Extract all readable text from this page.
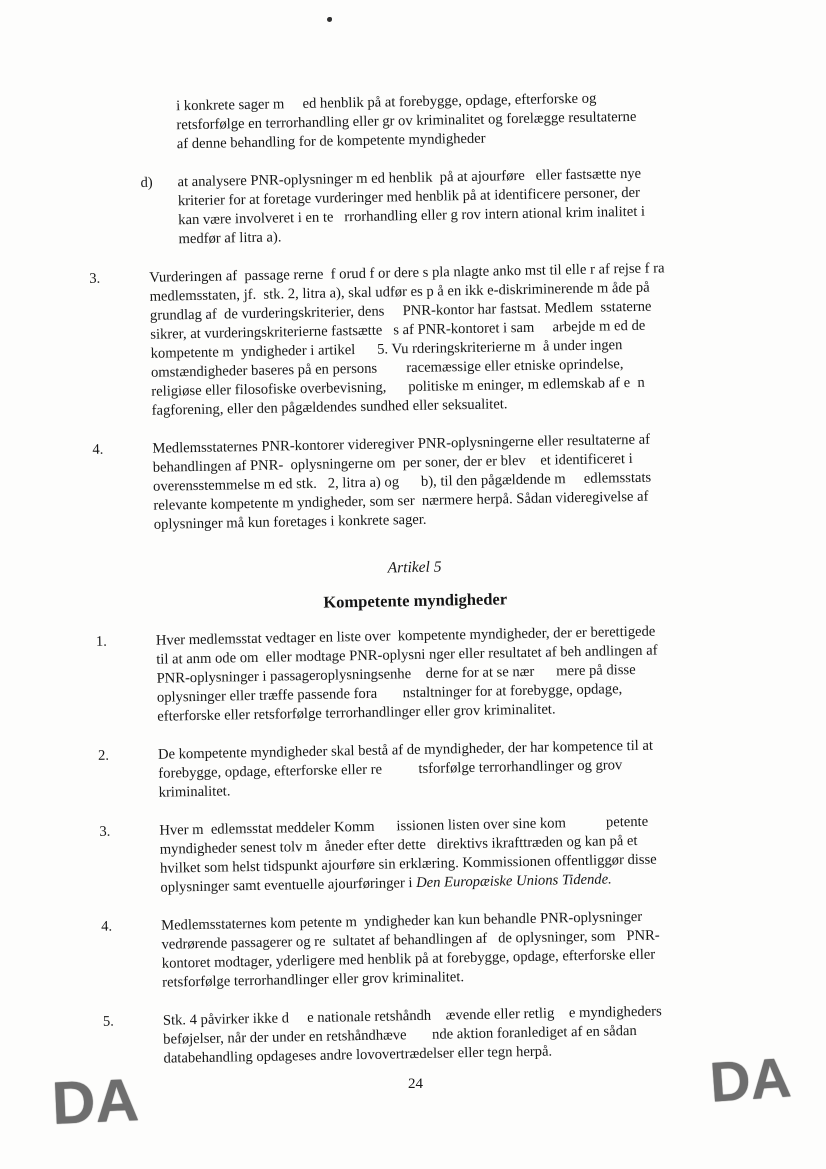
i konkrete sager m     ed henblik på at forebygge, opdage, efterforske og
retsforfølge en terrorhandling eller gr ov kriminalitet og forelægge resultaterne
af denne behandling for de kompetente myndigheder
d)	at analysere PNR-oplysninger m ed henblik  på at ajourføre   eller fastsætte nye
kriterier for at foretage vurderinger med henblik på at identificere personer, der
kan være involveret i en te   rrorhandling eller g rov intern ational krim inalitet i
medfør af litra a).
3.	Vurderingen af  passage rerne  f orud f or dere s pla nlagte anko mst til elle r af rejse f ra
medlemsstaten, jf.  stk. 2, litra a), skal udfør es p å en ikk e-diskriminerende m åde på
grundlag af  de vurderingskriterier, dens     PNR-kontor har fastsat. Medlem  sstaterne
sikrer, at vurderingskriterierne fastsætte   s af PNR-kontoret i sam     arbejde m ed de
kompetente m  yndigheder i artikel      5. Vu rderingskriterierne m  å under ingen
omstændigheder baseres på en persons        racemæssige eller etniske oprindelse,
religiøse eller filosofiske overbevisning,      politiske m eninger, m edlemskab af e  n
fagforening, eller den pågældendes sundhed eller seksualitet.
4.	Medlemsstaternes PNR-kontorer videregiver PNR-oplysningerne eller resultaterne af
behandlingen af PNR-  oplysningerne om  per soner, der er blev    et identificeret i
overensstemmelse m ed stk.   2, litra a) og      b), til den pågældende m     edlemsstats
relevante kompetente m yndigheder, som ser  nærmere herpå. Sådan videregivelse af
oplysninger må kun foretages i konkrete sager.
Artikel 5
Kompetente myndigheder
1.	Hver medlemsstat vedtager en liste over  kompetente myndigheder, der er berettigede
til at anm ode om  eller modtage PNR-oplysni nger eller resultatet af beh andlingen af
PNR-oplysninger i passageroplysningsenhe    derne for at se nær      mere på disse
oplysninger eller træffe passende fora       nstaltninger for at forebygge, opdage,
efterforske eller retsforfølge terrorhandlinger eller grov kriminalitet.
2.	De kompetente myndigheder skal bestå af de myndigheder, der har kompetence til at
forebygge, opdage, efterforske eller re          tsforfølge terrorhandlinger og grov
kriminalitet.
3.	Hver m  edlemsstat meddeler Komm      issionen listen over sine kom           petente
myndigheder senest tolv m  åneder efter dette   direktivs ikrafttræden og kan på et
hvilket som helst tidspunkt ajourføre sin erklæring. Kommissionen offentliggør disse
oplysninger samt eventuelle ajourføringer i Den Europæiske Unions Tidende.
4.	Medlemsstaternes kom petente m  yndigheder kan kun behandle PNR-oplysninger
vedrørende passagerer og re  sultatet af behandlingen af   de oplysninger, som   PNR-
kontoret modtager, yderligere med henblik på at forebygge, opdage, efterforske eller
retsforfølge terrorhandlinger eller grov kriminalitet.
5.	Stk. 4 påvirker ikke d     e nationale retshåndh    ævende eller retlig    e myndigheders
beføjelser, når der under en retshåndhæve       nde aktion foranlediget af en sådan
databehandling opdageses andre lovovertrædelser eller tegn herpå.
DA	24	DA
